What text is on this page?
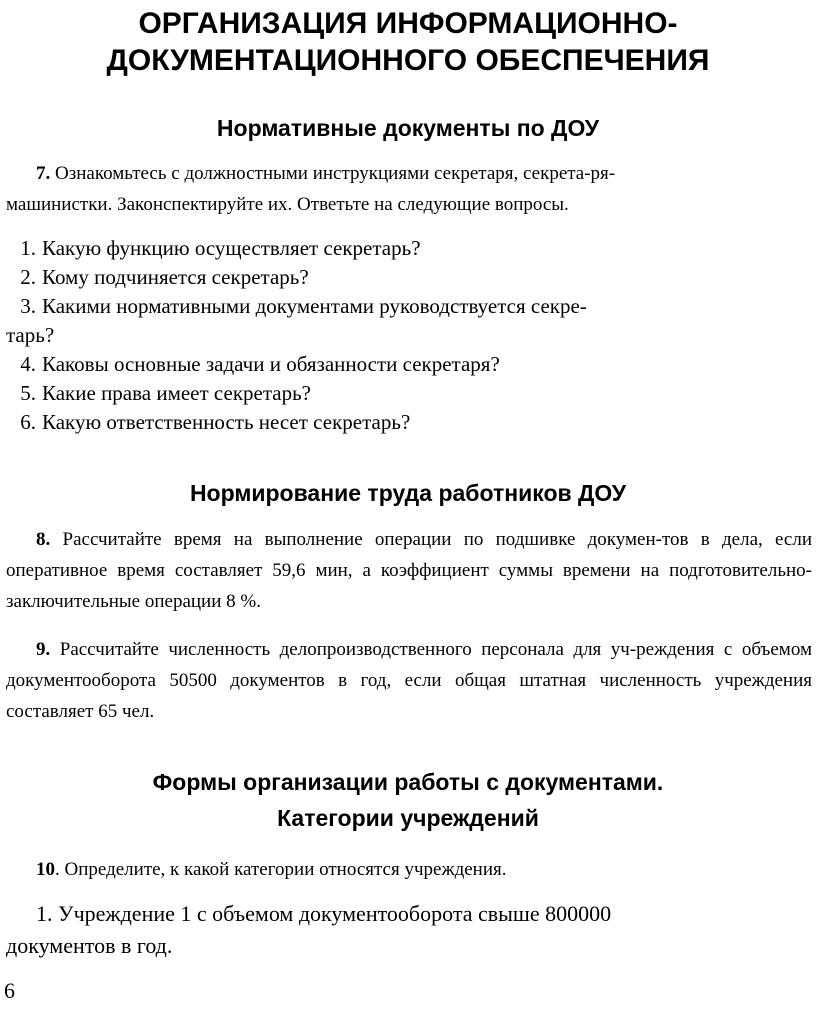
ОРГАНИЗАЦИЯ ИНФОРМАЦИОННО-
ДОКУМЕНТАЦИОННОГО ОБЕСПЕЧЕНИЯ
Нормативные документы по ДОУ
7. Ознакомьтесь с должностными инструкциями секретаря, секрета-ря-
машинистки. Законспектируйте их. Ответьте на следующие вопросы.
1. Какую функцию осуществляет секретарь?
2. Кому подчиняется секретарь?
3. Какими нормативными документами руководствуется секре-
тарь?
4. Каковы основные задачи и обязанности секретаря?
5. Какие права имеет секретарь?
6. Какую ответственность несет секретарь?
Нормирование труда работников ДОУ
8. Рассчитайте время на выполнение операции по подшивке докумен-тов в дела, если оперативное время составляет 59,6 мин, а коэффициент суммы времени на подготовительно-заключительные операции 8 %.
9. Рассчитайте численность делопроизводственного персонала для уч-реждения с объемом документооборота 50500 документов в год, если общая штатная численность учреждения составляет 65 чел.
Формы организации работы с документами.
Категории учреждений
10. Определите, к какой категории относятся учреждения.
1. Учреждение 1 с объемом документооборота свыше 800000
документов в год.
6
